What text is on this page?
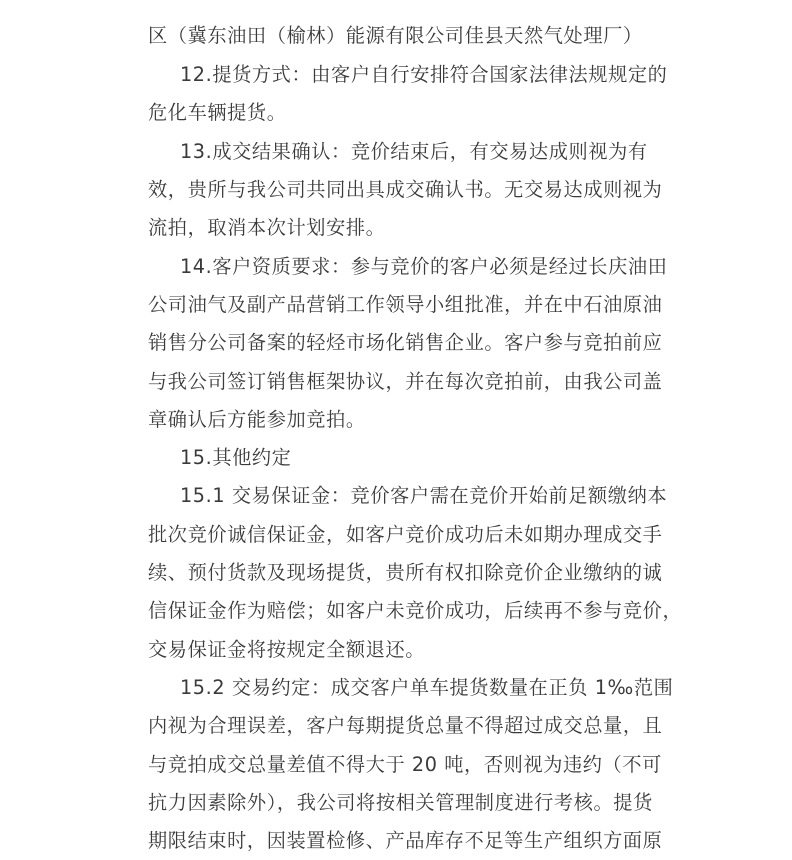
区（冀东油田（榆林）能源有限公司佳县天然气处理厂）
12.提货方式：由客户自行安排符合国家法律法规规定的
危化车辆提货。
13.成交结果确认：竞价结束后，有交易达成则视为有
效，贵所与我公司共同出具成交确认书。无交易达成则视为
流拍，取消本次计划安排。
14.客户资质要求：参与竞价的客户必须是经过长庆油田
公司油气及副产品营销工作领导小组批准，并在中石油原油
销售分公司备案的轻烃市场化销售企业。客户参与竞拍前应
与我公司签订销售框架协议，并在每次竞拍前，由我公司盖
章确认后方能参加竞拍。
15.其他约定
15.1 交易保证金：竞价客户需在竞价开始前足额缴纳本
批次竞价诚信保证金，如客户竞价成功后未如期办理成交手
续、预付货款及现场提货，贵所有权扣除竞价企业缴纳的诚
信保证金作为赔偿；如客户未竞价成功，后续再不参与竞价，
交易保证金将按规定全额退还。
15.2 交易约定：成交客户单车提货数量在正负 1‰范围
内视为合理误差，客户每期提货总量不得超过成交总量，且
与竞拍成交总量差值不得大于 20 吨，否则视为违约（不可
抗力因素除外），我公司将按相关管理制度进行考核。提货
期限结束时，因装置检修、产品库存不足等生产组织方面原
